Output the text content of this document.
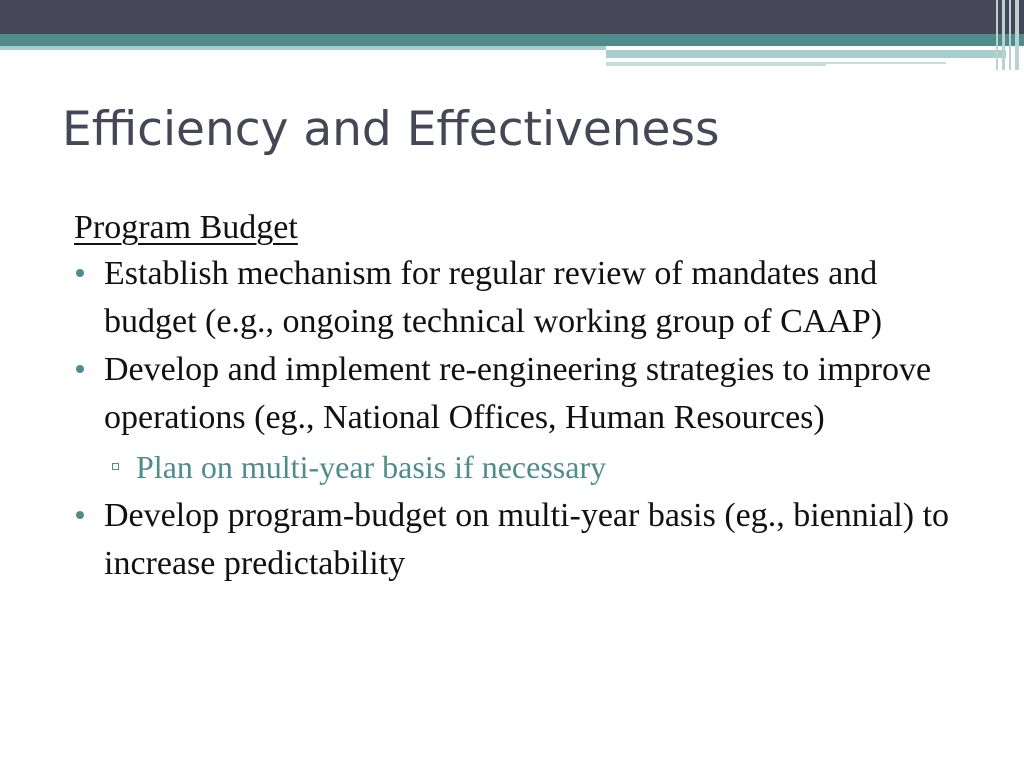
Efficiency and Effectiveness
Program Budget
Establish mechanism for regular review of mandates and budget (e.g., ongoing technical working group of CAAP)
Develop and implement re-engineering strategies to improve operations (eg., National Offices, Human Resources)
Plan on multi-year basis if necessary
Develop program-budget on multi-year basis (eg., biennial) to increase predictability
